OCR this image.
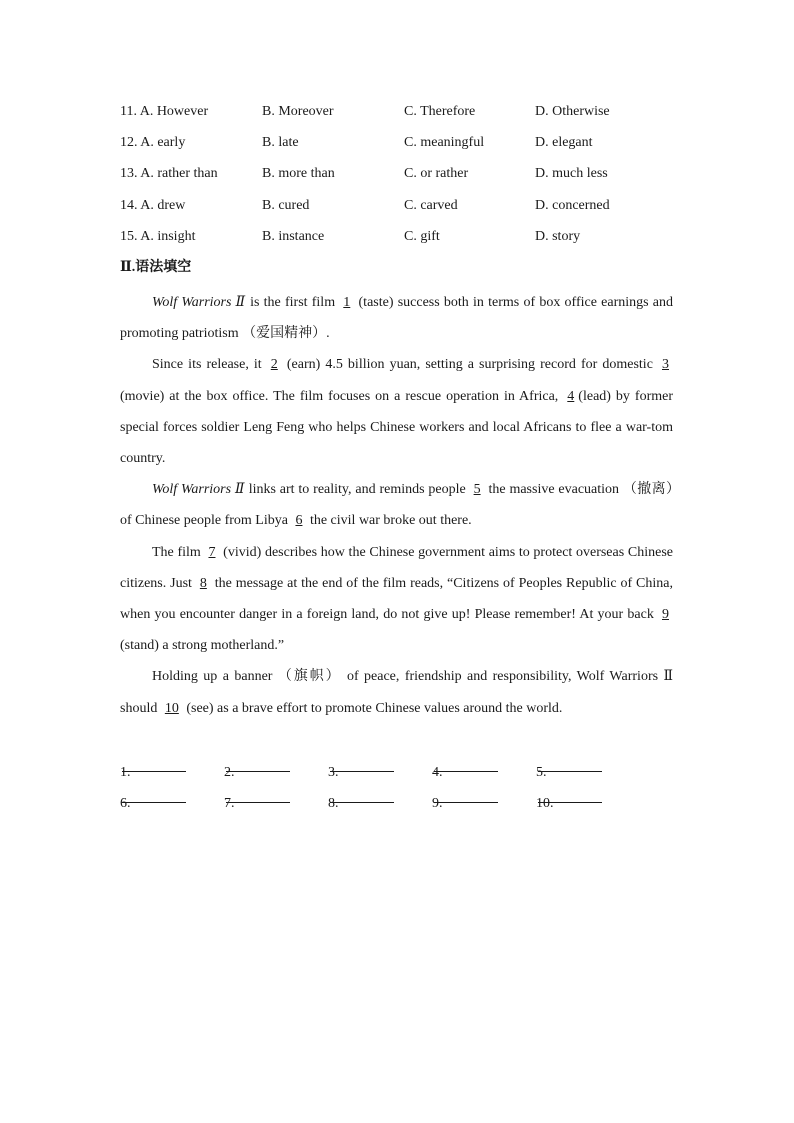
11. A. However	B. Moreover	C. Therefore	D. Otherwise
12. A. early	B. late	C. meaningful	D. elegant
13. A. rather than	B. more than	C. or rather	D. much less
14. A. drew	B. cured	C. carved	D. concerned
15. A. insight	B. instance	C. gift	D. story
Ⅱ.语法填空

Wolf Warriors Ⅱ is the first film 1 (taste) success both in terms of box office earnings and promoting patriotism （爱国精神）.

Since its release, it 2 (earn) 4.5 billion yuan, setting a surprising record for domestic 3 (movie) at the box office. The film focuses on a rescue operation in Africa, 4 (lead) by former special forces soldier Leng Feng who helps Chinese workers and local Africans to flee a war-tom country.

Wolf Warriors Ⅱ links art to reality, and reminds people 5 the massive evacuation （撤离）of Chinese people from Libya 6 the civil war broke out there.

The film 7 (vivid) describes how the Chinese government aims to protect overseas Chinese citizens. Just 8 the message at the end of the film reads, “Citizens of Peoples Republic of China, when you encounter danger in a foreign land, do not give up! Please remember! At your back 9 (stand) a strong motherland.”

Holding up a banner （旗帜） of peace, friendship and responsibility, Wolf Warriors Ⅱ should 10 (see) as a brave effort to promote Chinese values around the world.

1.	2.	3.	4.	5.
6.	7.	8.	9.	10.
